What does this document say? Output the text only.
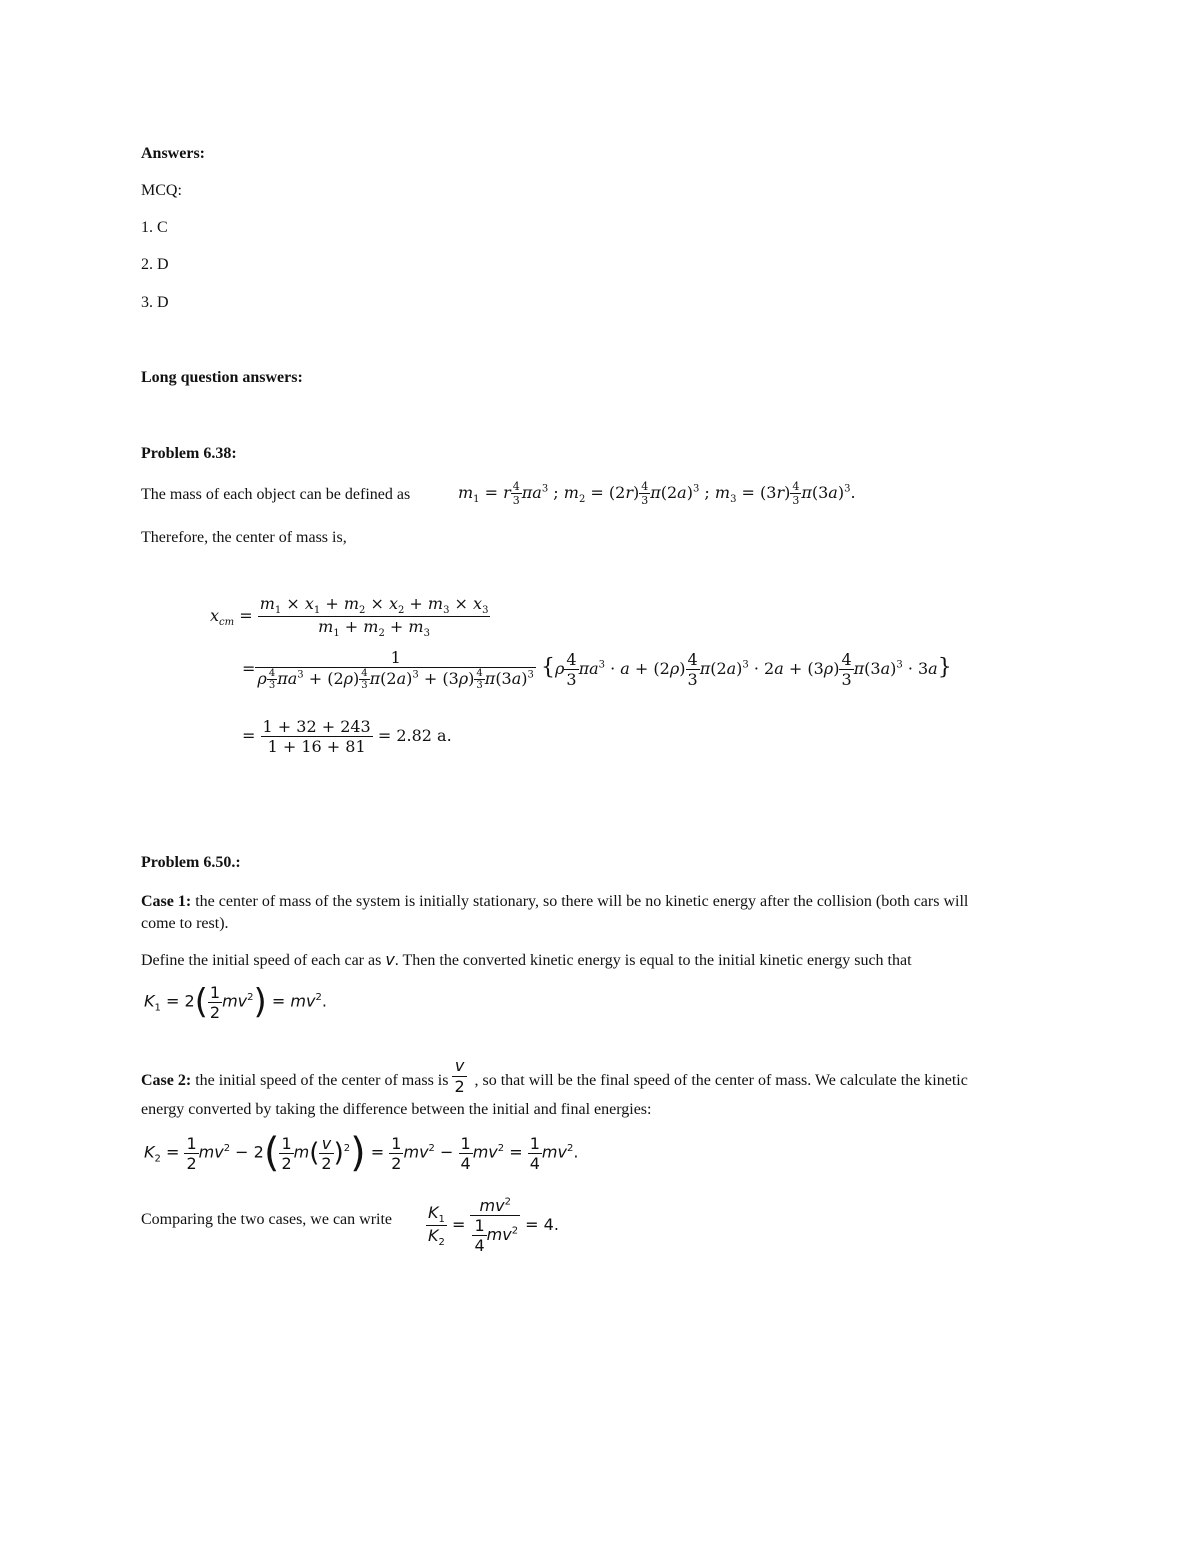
Answers:
MCQ:
1. C
2. D
3. D
Long question answers:
Problem 6.38:
The mass of each object can be defined as	$m_1 = r \frac{4}{3} \pi a^3$ ; $m_2 = (2r) \frac{4}{3} \pi(2a)^3$ ; $m_3 = (3r) \frac{4}{3} \pi(3a)^3$.
Therefore, the center of mass is,
$x_{cm} = \frac{m_1 \times x_1 + m_2 \times x_2 + m_3 \times x_3}{m_1 + m_2 + m_3}$
= $\frac{1}{\rho \frac{4}{3} \pi a^3 + (2\rho) \frac{4}{3} \pi(2a)^3 + (3\rho) \frac{4}{3} \pi(3a)^3} \{\rho \frac{4}{3} \pi a^3 \cdot a + (2\rho) \frac{4}{3} \pi(2a)^3 \cdot 2a + (3\rho) \frac{4}{3} \pi(3a)^3 \cdot 3a\}$
= $\frac{1 + 32 + 243}{1 + 16 + 81} = 2.82$ a.
Problem 6.50.:
Case 1: the center of mass of the system is initially stationary, so there will be no kinetic energy after the collision (both cars will
come to rest).
Define the initial speed of each car as v. Then the converted kinetic energy is equal to the initial kinetic energy such that
$K_1 = 2( \frac{1}{2} mv^2) = mv^2$.
Case 2: the initial speed of the center of mass is $\frac{v}{2}$ , so that will be the final speed of the center of mass. We calculate the kinetic
energy converted by taking the difference between the initial and final energies:
$K_2 = \frac{1}{2} mv^2 - 2( \frac{1}{2} m( \frac{v}{2} )^2) = \frac{1}{2} mv^2 - \frac{1}{4} mv^2 = \frac{1}{4} mv^2$.
Comparing the two cases, we can write $\frac{K_1}{K_2} = \frac{mv^2}{\frac{1}{4} mv^2} = 4$.
